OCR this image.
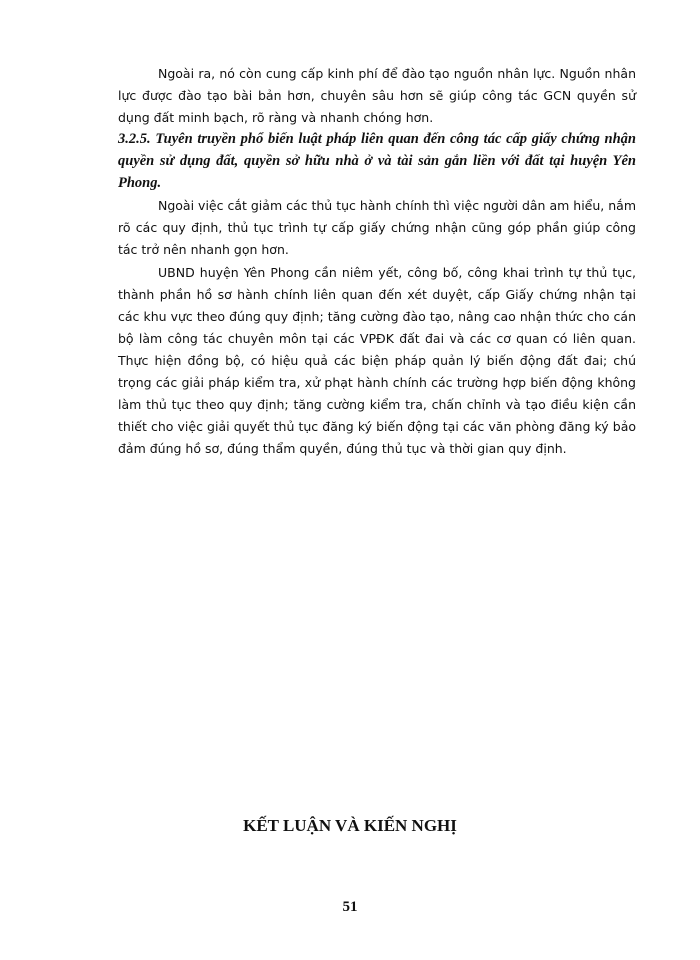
Ngoài ra, nó còn cung cấp kinh phí để đào tạo nguồn nhân lực. Nguồn nhân lực được đào tạo bài bản hơn, chuyên sâu hơn sẽ giúp công tác GCN quyền sử dụng đất minh bạch, rõ ràng và nhanh chóng hơn.

3.2.5. Tuyên truyền phổ biến luật pháp liên quan đến công tác cấp giấy chứng nhận quyền sử dụng đất, quyền sở hữu nhà ở và tài sản gắn liền với đất tại huyện Yên Phong.

Ngoài việc cắt giảm các thủ tục hành chính thì việc người dân am hiểu, nắm rõ các quy định, thủ tục trình tự cấp giấy chứng nhận cũng góp phần giúp công tác trở nên nhanh gọn hơn.

UBND huyện Yên Phong cần niêm yết, công bố, công khai trình tự thủ tục, thành phần hồ sơ hành chính liên quan đến xét duyệt, cấp Giấy chứng nhận tại các khu vực theo đúng quy định; tăng cường đào tạo, nâng cao nhận thức cho cán bộ làm công tác chuyên môn tại các VPĐK đất đai và các cơ quan có liên quan. Thực hiện đồng bộ, có hiệu quả các biện pháp quản lý biến động đất đai; chú trọng các giải pháp kiểm tra, xử phạt hành chính các trường hợp biến động không làm thủ tục theo quy định; tăng cường kiểm tra, chấn chỉnh và tạo điều kiện cần thiết cho việc giải quyết thủ tục đăng ký biến động tại các văn phòng đăng ký bảo đảm đúng hồ sơ, đúng thẩm quyền, đúng thủ tục và thời gian quy định.

KẾT LUẬN VÀ KIẾN NGHỊ

51
